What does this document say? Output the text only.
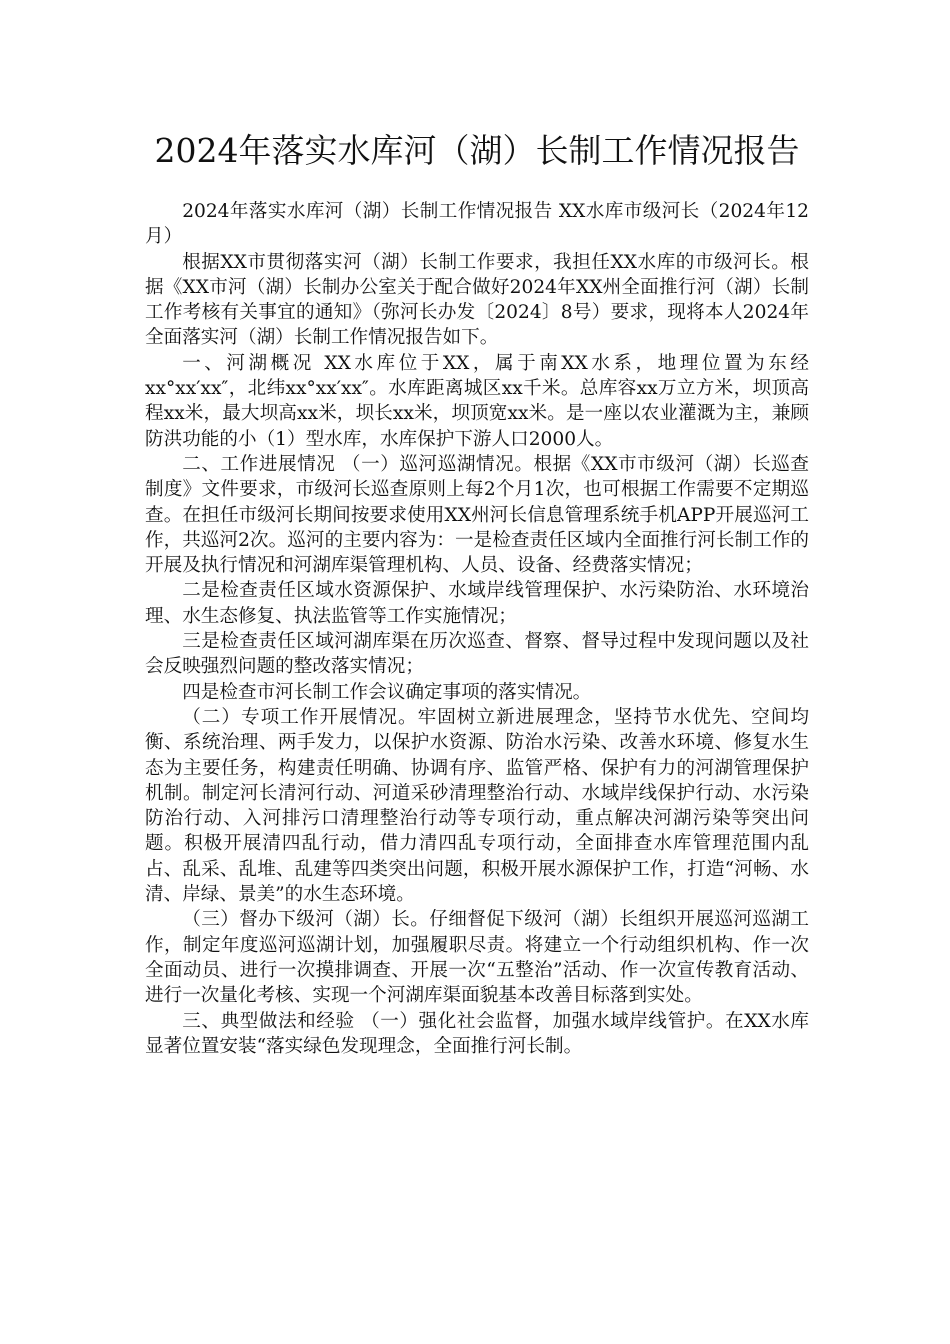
2024年落实水库河（湖）长制工作情况报告

2024年落实水库河（湖）长制工作情况报告 XX水库市级河长（2024年12月）

根据XX市贯彻落实河（湖）长制工作要求，我担任XX水库的市级河长。根据《XX市河（湖）长制办公室关于配合做好2024年XX州全面推行河（湖）长制工作考核有关事宜的通知》（弥河长办发〔2024〕8号）要求，现将本人2024年全面落实河（湖）长制工作情况报告如下。

一、河湖概况 XX水库位于XX，属于南XX水系，地理位置为东经xx°xx′xx″，北纬xx°xx′xx″。水库距离城区xx千米。总库容xx万立方米，坝顶高程xx米，最大坝高xx米，坝长xx米，坝顶宽xx米。是一座以农业灌溉为主，兼顾防洪功能的小（1）型水库，水库保护下游人口2000人。

二、工作进展情况 （一）巡河巡湖情况。根据《XX市市级河（湖）长巡查制度》文件要求，市级河长巡查原则上每2个月1次，也可根据工作需要不定期巡查。在担任市级河长期间按要求使用XX州河长信息管理系统手机APP开展巡河工作，共巡河2次。巡河的主要内容为：一是检查责任区域内全面推行河长制工作的开展及执行情况和河湖库渠管理机构、人员、设备、经费落实情况；

二是检查责任区域水资源保护、水域岸线管理保护、水污染防治、水环境治理、水生态修复、执法监管等工作实施情况；

三是检查责任区域河湖库渠在历次巡查、督察、督导过程中发现问题以及社会反映强烈问题的整改落实情况；

四是检查市河长制工作会议确定事项的落实情况。

（二）专项工作开展情况。牢固树立新进展理念，坚持节水优先、空间均衡、系统治理、两手发力，以保护水资源、防治水污染、改善水环境、修复水生态为主要任务，构建责任明确、协调有序、监管严格、保护有力的河湖管理保护机制。制定河长清河行动、河道采砂清理整治行动、水域岸线保护行动、水污染防治行动、入河排污口清理整治行动等专项行动，重点解决河湖污染等突出问题。积极开展清四乱行动，借力清四乱专项行动，全面排查水库管理范围内乱占、乱采、乱堆、乱建等四类突出问题，积极开展水源保护工作，打造“河畅、水清、岸绿、景美”的水生态环境。

（三）督办下级河（湖）长。仔细督促下级河（湖）长组织开展巡河巡湖工作，制定年度巡河巡湖计划，加强履职尽责。将建立一个行动组织机构、作一次全面动员、进行一次摸排调查、开展一次“五整治”活动、作一次宣传教育活动、进行一次量化考核、实现一个河湖库渠面貌基本改善目标落到实处。

三、典型做法和经验 （一）强化社会监督，加强水域岸线管护。在XX水库显著位置安装“落实绿色发现理念，全面推行河长制。
